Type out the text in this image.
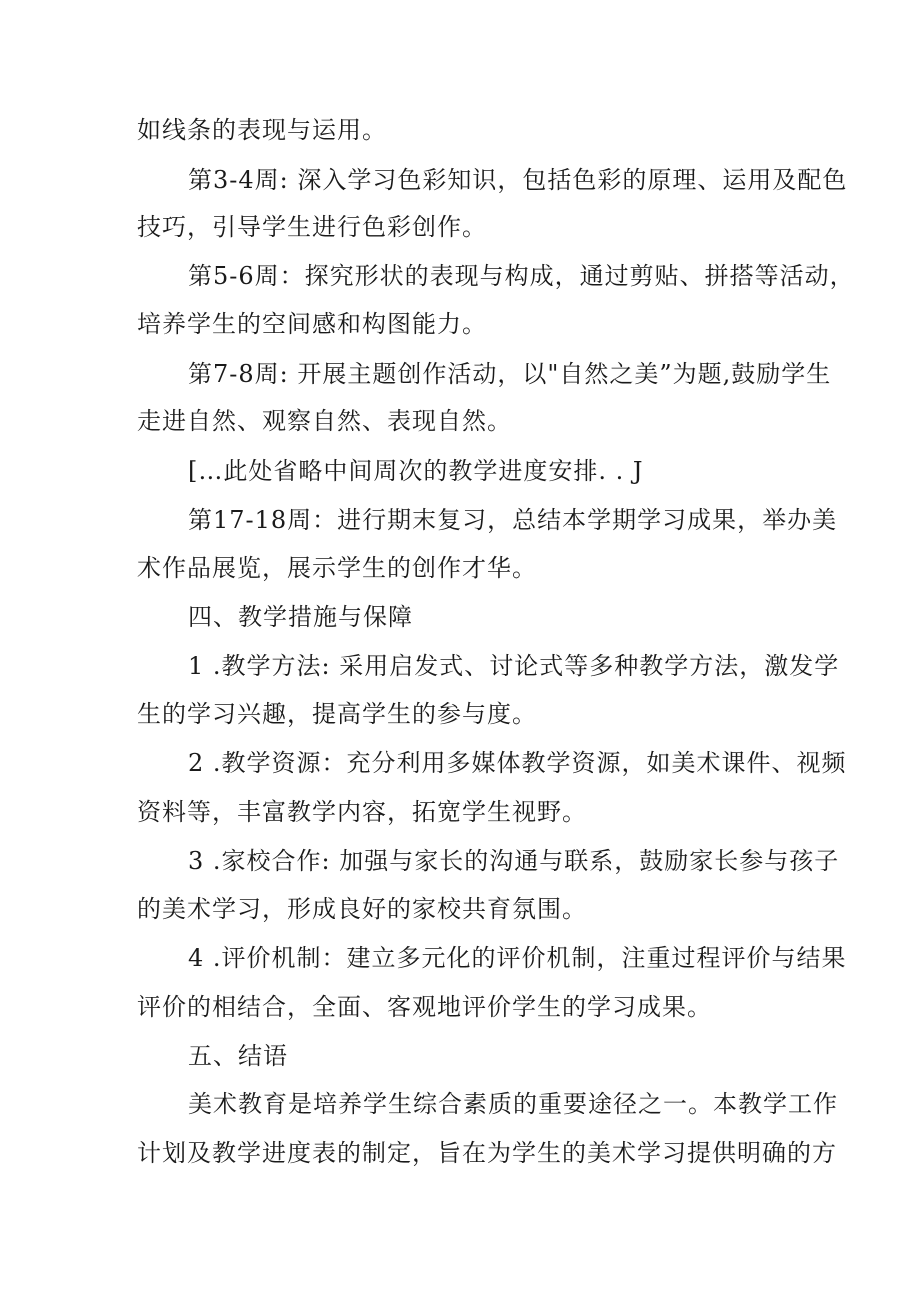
如线条的表现与运用。
第3-4周: 深入学习色彩知识，包括色彩的原理、运用及配色
技巧，引导学生进行色彩创作。
第5-6周：探究形状的表现与构成，通过剪贴、拼搭等活动，
培养学生的空间感和构图能力。
第7-8周: 开展主题创作活动，以"自然之美”为题,鼓励学生
走进自然、观察自然、表现自然。
[…此处省略中间周次的教学进度安排. . J
第17-18周：进行期末复习，总结本学期学习成果，举办美
术作品展览，展示学生的创作才华。
四、教学措施与保障
1 .教学方法: 采用启发式、讨论式等多种教学方法，激发学
生的学习兴趣，提高学生的参与度。
2 .教学资源：充分利用多媒体教学资源，如美术课件、视频
资料等，丰富教学内容，拓宽学生视野。
3 .家校合作: 加强与家长的沟通与联系，鼓励家长参与孩子
的美术学习，形成良好的家校共育氛围。
4 .评价机制：建立多元化的评价机制，注重过程评价与结果
评价的相结合，全面、客观地评价学生的学习成果。
五、结语
美术教育是培养学生综合素质的重要途径之一。本教学工作
计划及教学进度表的制定，旨在为学生的美术学习提供明确的方
